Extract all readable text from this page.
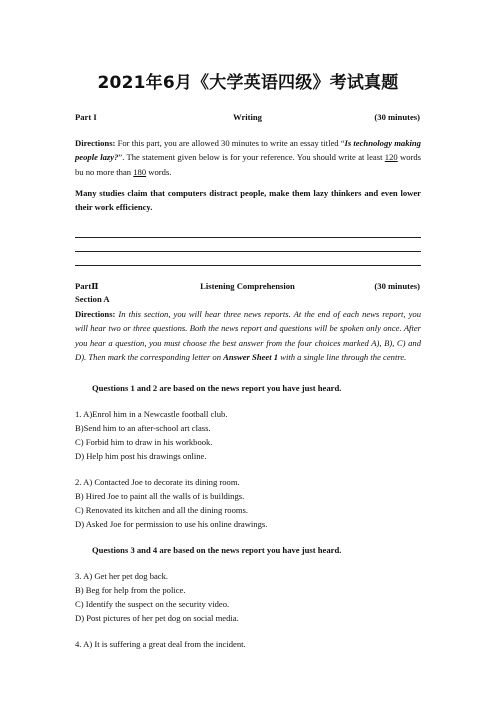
2021年6月《大学英语四级》考试真题
Part I	Writing	(30 minutes)
Directions: For this part, you are allowed 30 minutes to write an essay titled “Is technology making people lazy?”. The statement given below is for your reference. You should write at least 120 words bu no more than 180 words.
Many studies claim that computers distract people, make them lazy thinkers and even lower their work efficiency.
PartⅡ	Listening Comprehension	(30 minutes)
Section A
Directions: In this section, you will hear three news reports. At the end of each news report, you will hear two or three questions. Both the news report and questions will be spoken only once. After you hear a question, you must choose the best answer from the four choices marked A), B), C) and D). Then mark the corresponding letter on Answer Sheet 1 with a single line through the centre.
Questions 1 and 2 are based on the news report you have just heard.
1. A)Enrol him in a Newcastle football club.
B)Send him to an after-school art class.
C) Forbid him to draw in his workbook.
D) Help him post his drawings online.
2. A) Contacted Joe to decorate its dining room.
B) Hired Joe to paint all the walls of is buildings.
C) Renovated its kitchen and all the dining rooms.
D) Asked Joe for permission to use his online drawings.
Questions 3 and 4 are based on the news report you have just heard.
3. A) Get her pet dog back.
B) Beg for help from the police.
C) Identify the suspect on the security video.
D) Post pictures of her pet dog on social media.
4. A) It is suffering a great deal from the incident.
